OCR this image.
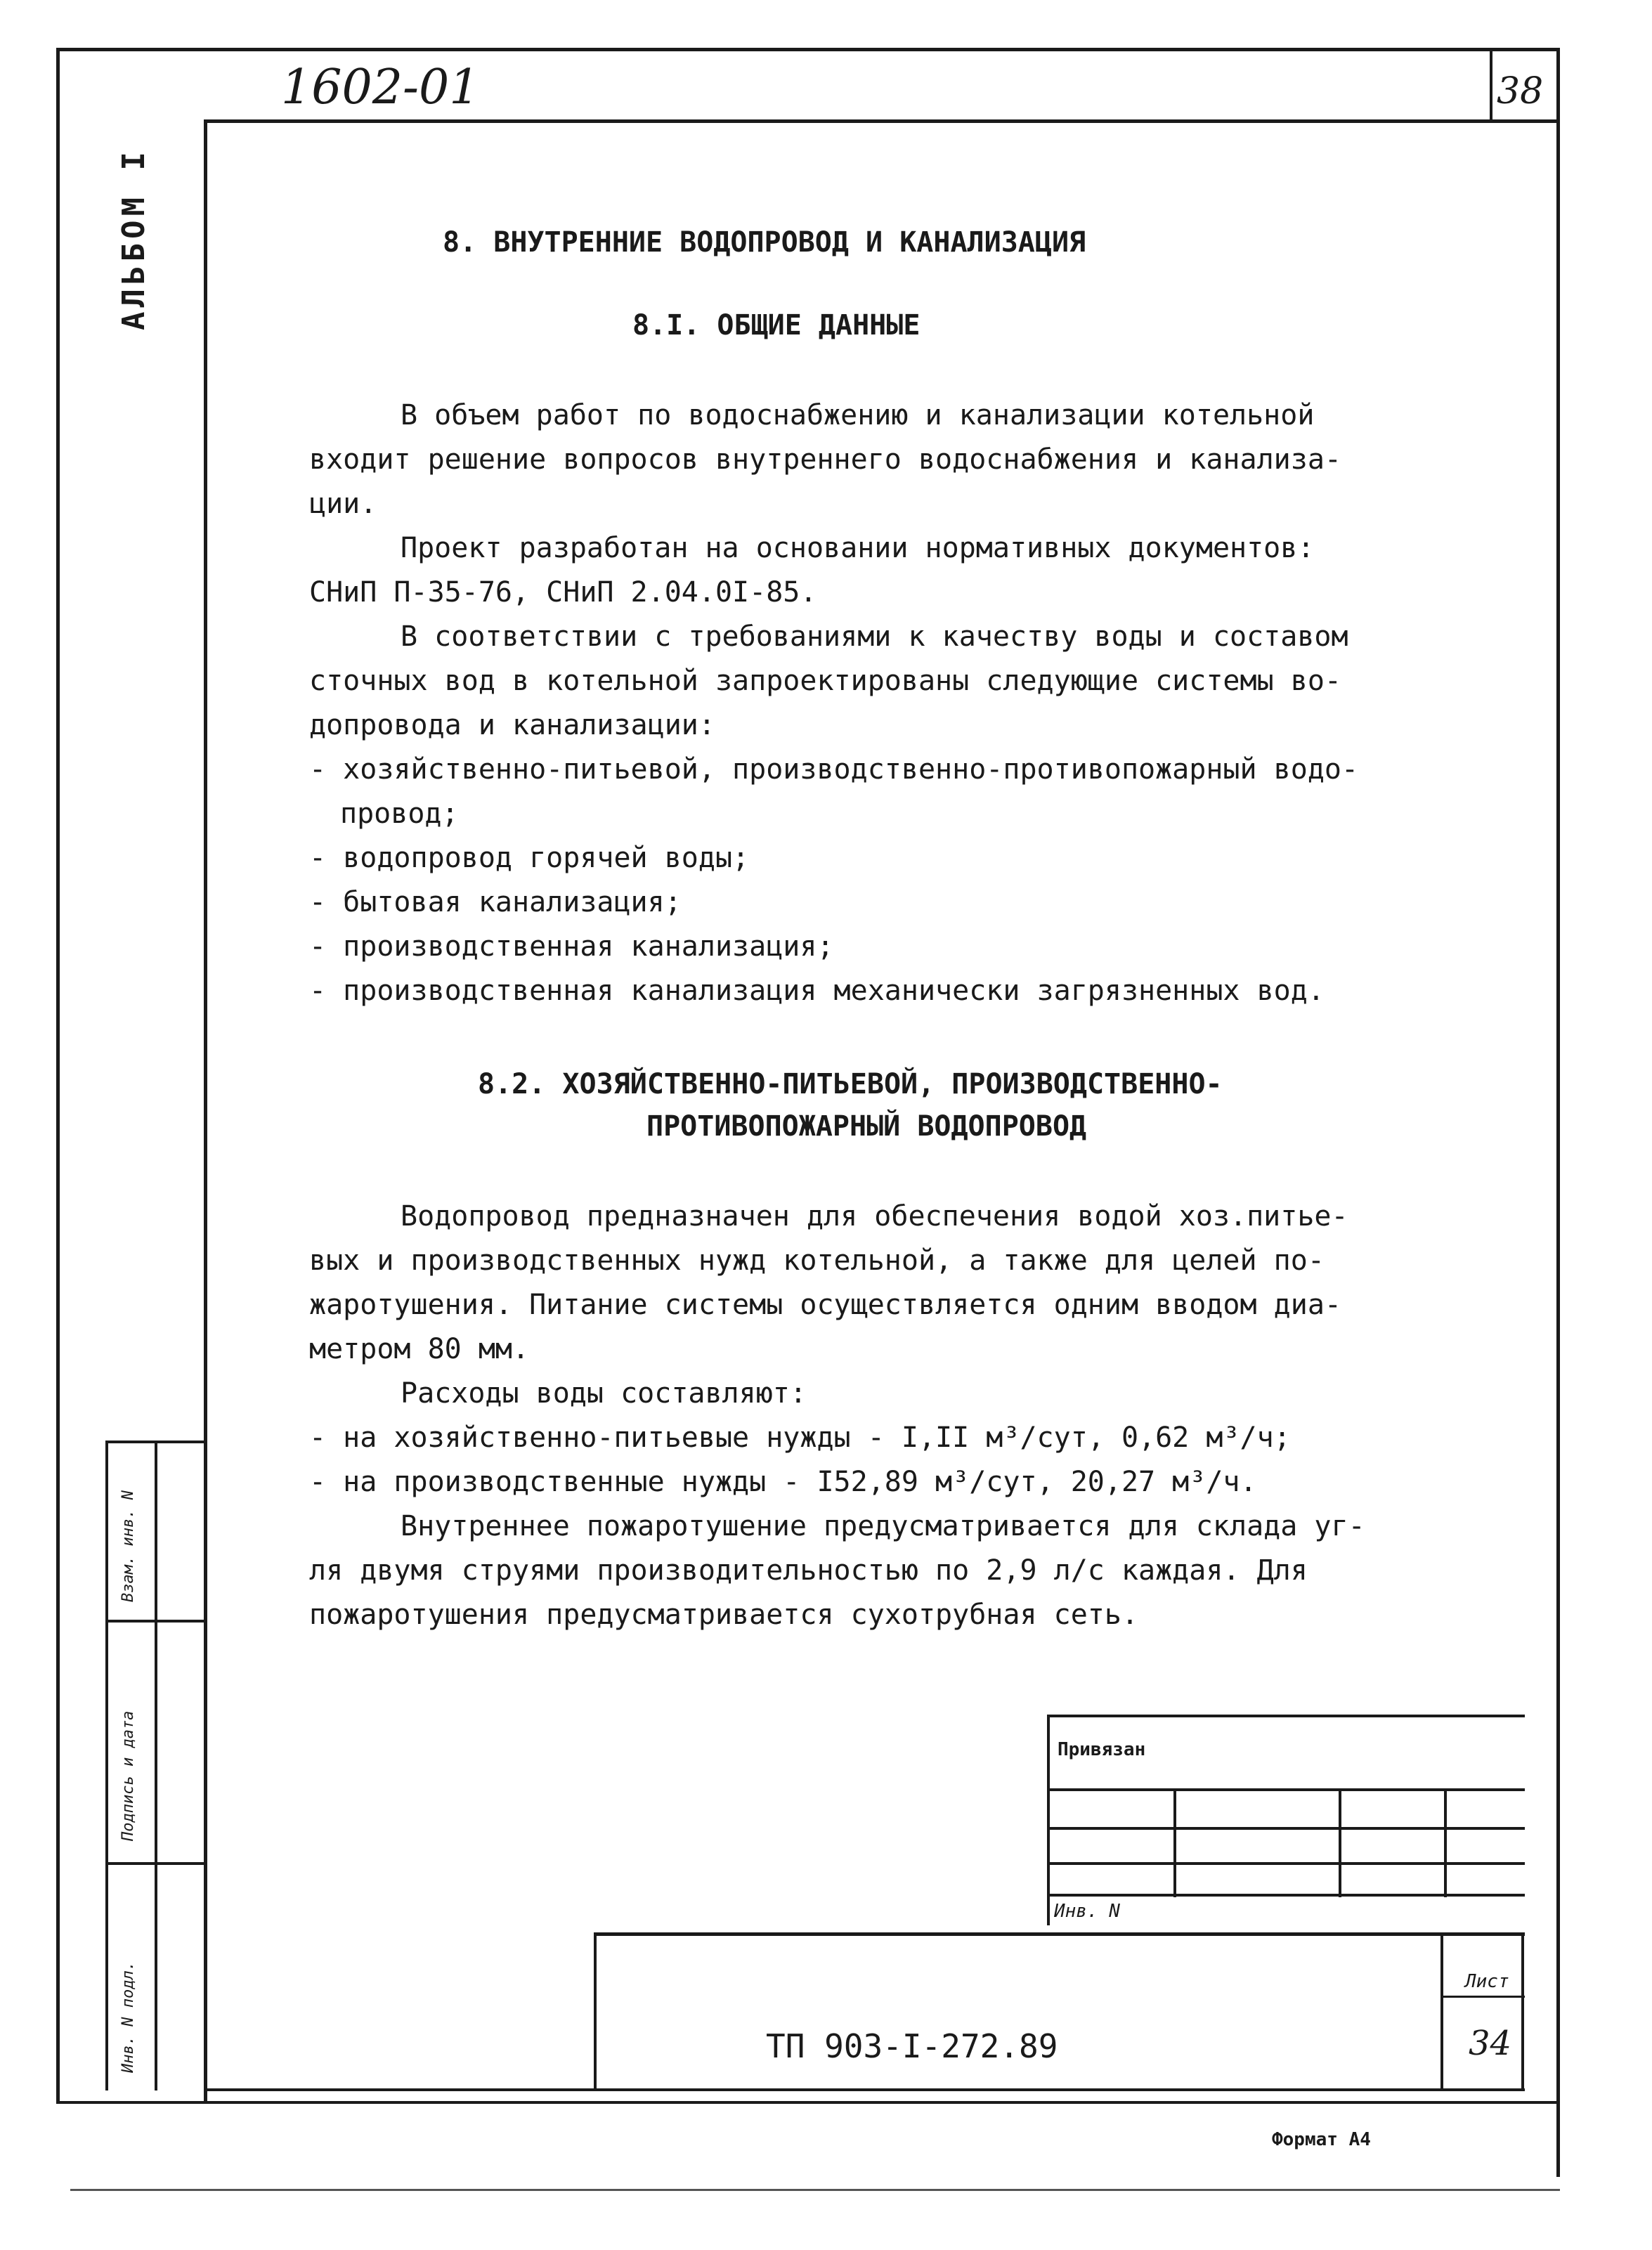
1602-01	38
АЛЬБОМ I	8. ВНУТРЕННИЕ ВОДОПРОВОД И КАНАЛИЗАЦИЯ
8.I. ОБЩИЕ ДАННЫЕ
В объем работ по водоснабжению и канализации котельной
входит решение вопросов внутреннего водоснабжения и канализа-
ции.
Проект разработан на основании нормативных документов:
СНиП П-35-76, СНиП 2.04.0I-85.
В соответствии с требованиями к качеству воды и составом
сточных вод в котельной запроектированы следующие системы во-
допровода и канализации:
- хозяйственно-питьевой, производственно-противопожарный водо-
провод;
- водопровод горячей воды;
- бытовая канализация;
- производственная канализация;
- производственная канализация механически загрязненных вод.
8.2. ХОЗЯЙСТВЕННО-ПИТЬЕВОЙ, ПРОИЗВОДСТВЕННО-
ПРОТИВОПОЖАРНЫЙ ВОДОПРОВОД
Водопровод предназначен для обеспечения водой хоз.питье-
вых и производственных нужд котельной, а также для целей по-
жаротушения. Питание системы осуществляется одним вводом диа-
метром 80 мм.
Расходы воды составляют:
- на хозяйственно-питьевые нужды - I,II м³/сут, 0,62 м³/ч;
- на производственные нужды - I52,89 м³/сут, 20,27 м³/ч.
Внутреннее пожаротушение предусматривается для склада уг-
ля двумя струями производительностью по 2,9 л/с каждая. Для
пожаротушения предусматривается сухотрубная сеть.
Инв. N подл.
Подпись и дата
Взам. инв. N
Привязан
Инв. N
ТП 903-I-272.89
Лист
34
Формат А4
